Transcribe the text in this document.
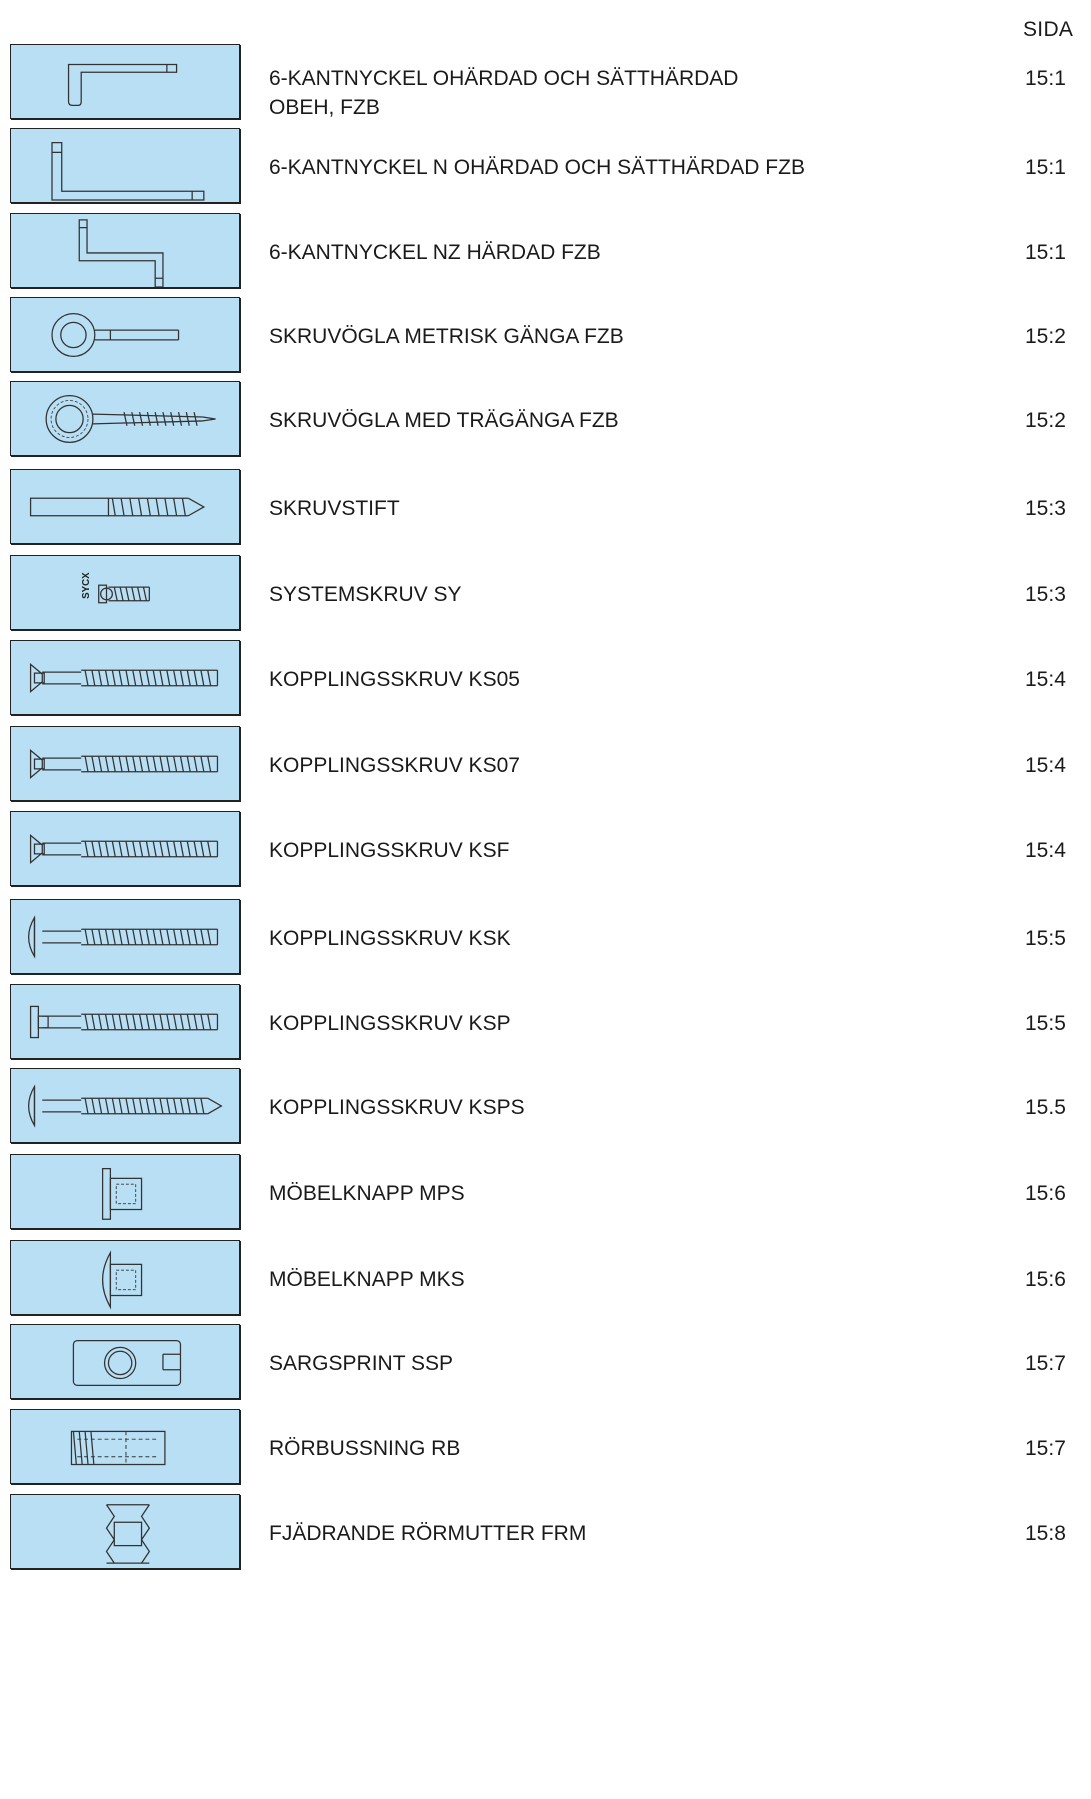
SIDA
6-KANTNYCKEL OHÄRDAD OCH SÄTTHÄRDAD
OBEH, FZB
15:1
6-KANTNYCKEL N OHÄRDAD OCH SÄTTHÄRDAD FZB	15:1
6-KANTNYCKEL NZ HÄRDAD FZB	15:1
SKRUVÖGLA METRISK GÄNGA FZB	15:2
SKRUVÖGLA MED TRÄGÄNGA FZB	15:2
SKRUVSTIFT	15:3
SYCX	SYSTEMSKRUV SY	15:3
KOPPLINGSSKRUV KS05	15:4
KOPPLINGSSKRUV KS07	15:4
KOPPLINGSSKRUV KSF	15:4
KOPPLINGSSKRUV KSK	15:5
KOPPLINGSSKRUV KSP	15:5
KOPPLINGSSKRUV KSPS	15.5
MÖBELKNAPP MPS	15:6
MÖBELKNAPP MKS	15:6
SARGSPRINT SSP	15:7
RÖRBUSSNING RB	15:7
FJÄDRANDE RÖRMUTTER FRM	15:8
